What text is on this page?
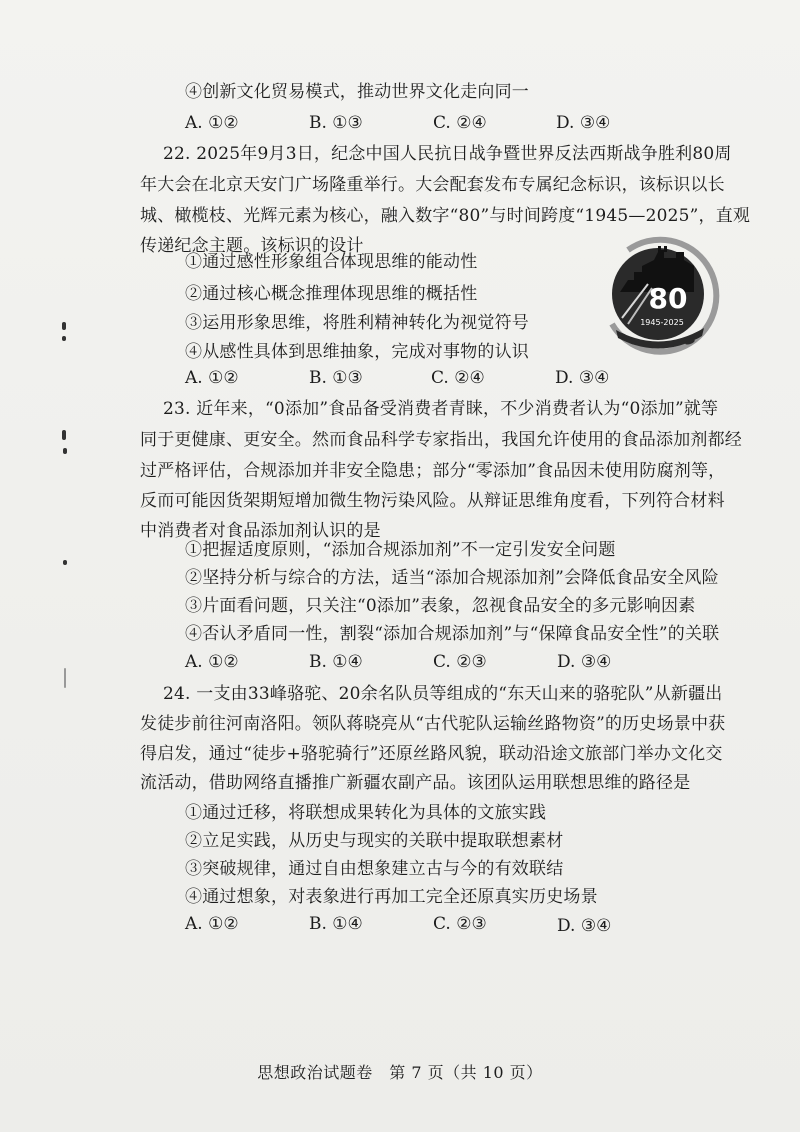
④创新文化贸易模式，推动世界文化走向同一
A. ①②	B. ①③	C. ②④	D. ③④
22. 2025年9月3日，纪念中国人民抗日战争暨世界反法西斯战争胜利80周
年大会在北京天安门广场隆重举行。大会配套发布专属纪念标识，该标识以长
城、橄榄枝、光辉元素为核心，融入数字“80”与时间跨度“1945—2025”，直观
传递纪念主题。该标识的设计
①通过感性形象组合体现思维的能动性
②通过核心概念推理体现思维的概括性
③运用形象思维，将胜利精神转化为视觉符号
④从感性具体到思维抽象，完成对事物的认识
A. ①②	B. ①③	C. ②④	D. ③④
80
1945-2025
23. 近年来，“0添加”食品备受消费者青睐，不少消费者认为“0添加”就等
同于更健康、更安全。然而食品科学专家指出，我国允许使用的食品添加剂都经
过严格评估，合规添加并非安全隐患；部分“零添加”食品因未使用防腐剂等，
反而可能因货架期短增加微生物污染风险。从辩证思维角度看，下列符合材料
中消费者对食品添加剂认识的是
①把握适度原则，“添加合规添加剂”不一定引发安全问题
②坚持分析与综合的方法，适当“添加合规添加剂”会降低食品安全风险
③片面看问题，只关注“0添加”表象，忽视食品安全的多元影响因素
④否认矛盾同一性，割裂“添加合规添加剂”与“保障食品安全性”的关联
A. ①②	B. ①④	C. ②③	D. ③④
24. 一支由33峰骆驼、20余名队员等组成的“东天山来的骆驼队”从新疆出
发徒步前往河南洛阳。领队蒋晓亮从“古代驼队运输丝路物资”的历史场景中获
得启发，通过“徒步+骆驼骑行”还原丝路风貌，联动沿途文旅部门举办文化交
流活动，借助网络直播推广新疆农副产品。该团队运用联想思维的路径是
①通过迁移，将联想成果转化为具体的文旅实践
②立足实践，从历史与现实的关联中提取联想素材
③突破规律，通过自由想象建立古与今的有效联结
④通过想象，对表象进行再加工完全还原真实历史场景
A. ①②	B. ①④	C. ②③	D. ③④
思想政治试题卷　第 7 页（共 10 页）
